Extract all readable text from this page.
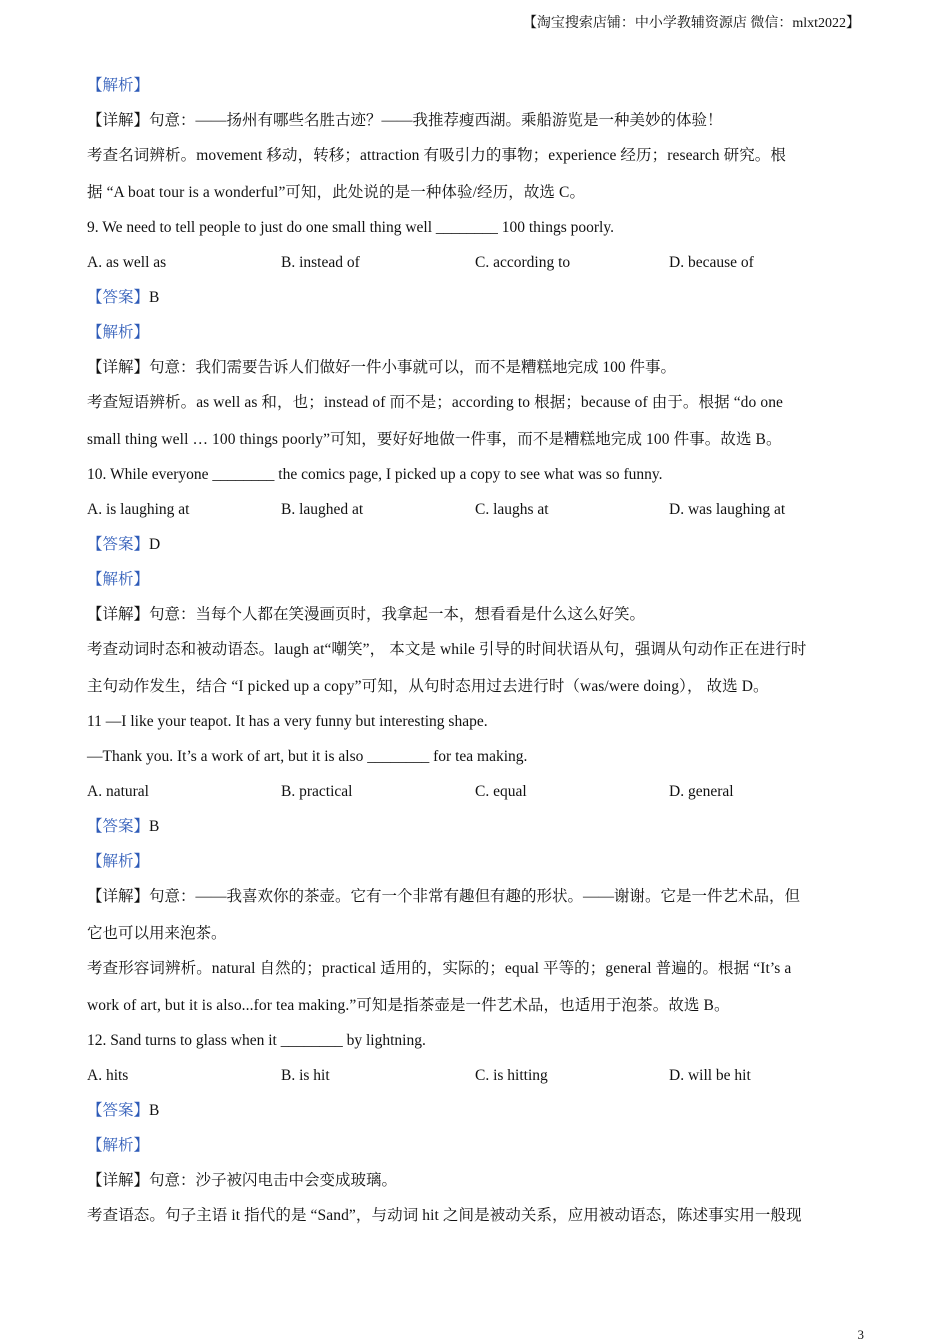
【淘宝搜索店铺：中小学教辅资源店 微信：mlxt2022】
【解析】
【详解】句意：——扬州有哪些名胜古迹？——我推荐瘦西湖。乘船游览是一种美妙的体验！
考查名词辨析。movement 移动，转移；attraction 有吸引力的事物；experience 经历；research 研究。根
据 “A boat tour is a wonderful”可知，此处说的是一种体验/经历，故选 C。
9. We need to tell people to just do one small thing well ________ 100 things poorly.
A. as well as	B. instead of	C. according to	D. because of
【答案】B
【解析】
【详解】句意：我们需要告诉人们做好一件小事就可以，而不是糟糕地完成 100 件事。
考查短语辨析。as well as 和，也；instead of 而不是；according to 根据；because of 由于。根据 “do one
small thing well … 100 things poorly”可知，要好好地做一件事，而不是糟糕地完成 100 件事。故选 B。
10. While everyone ________ the comics page, I picked up a copy to see what was so funny.
A. is laughing at	B. laughed at	C. laughs at	D. was laughing at
【答案】D
【解析】
【详解】句意：当每个人都在笑漫画页时，我拿起一本，想看看是什么这么好笑。
考查动词时态和被动语态。laugh at“嘲笑”， 本文是 while 引导的时间状语从句，强调从句动作正在进行时
主句动作发生，结合 “I picked up a copy”可知，从句时态用过去进行时（was/were doing）， 故选 D。
11 —I like your teapot. It has a very funny but interesting shape.
—Thank you. It’s a work of art, but it is also ________ for tea making.
A. natural	B. practical	C. equal	D. general
【答案】B
【解析】
【详解】句意：——我喜欢你的茶壶。它有一个非常有趣但有趣的形状。——谢谢。它是一件艺术品，但
它也可以用来泡茶。
考查形容词辨析。natural 自然的；practical 适用的，实际的；equal 平等的；general 普遍的。根据 “It’s a
work of art, but it is also...for tea making.”可知是指茶壶是一件艺术品，也适用于泡茶。故选 B。
12. Sand turns to glass when it ________ by lightning.
A. hits	B. is hit	C. is hitting	D. will be hit
【答案】B
【解析】
【详解】句意：沙子被闪电击中会变成玻璃。
考查语态。句子主语 it 指代的是 “Sand”，与动词 hit 之间是被动关系，应用被动语态，陈述事实用一般现
3
